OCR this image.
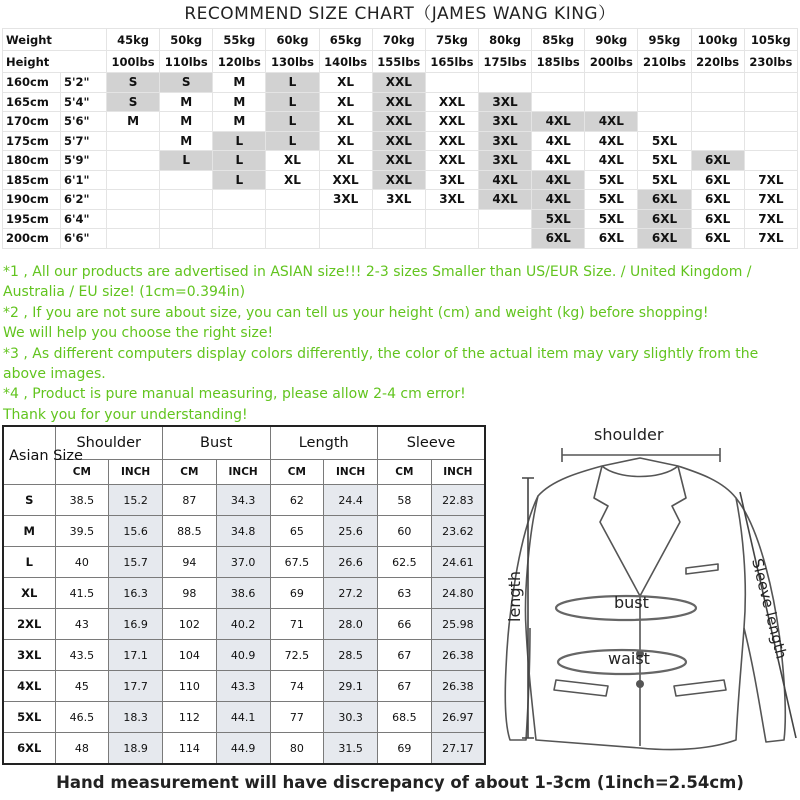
RECOMMEND SIZE CHART（JAMES WANG KING）
Weight		45kg	50kg	55kg	60kg	65kg	70kg	75kg	80kg	85kg	90kg	95kg	100kg	105kg
Height		100lbs	110lbs	120lbs	130lbs	140lbs	155lbs	165lbs	175lbs	185lbs	200lbs	210lbs	220lbs	230lbs
160cm	5'2"	S	S	M	L	XL	XXL							
165cm	5'4"	S	M	M	L	XL	XXL	XXL	3XL					
170cm	5'6"	M	M	M	L	XL	XXL	XXL	3XL	4XL	4XL			
175cm	5'7"		M	L	L	XL	XXL	XXL	3XL	4XL	4XL	5XL		
180cm	5'9"		L	L	XL	XL	XXL	XXL	3XL	4XL	4XL	5XL	6XL	
185cm	6'1"			L	XL	XXL	XXL	3XL	4XL	4XL	5XL	5XL	6XL	7XL
190cm	6'2"					3XL	3XL	3XL	4XL	4XL	5XL	6XL	6XL	7XL
195cm	6'4"									5XL	5XL	6XL	6XL	7XL
200cm	6'6"									6XL	6XL	6XL	6XL	7XL

*1 , All our products are advertised in ASIAN size!!! 2-3 sizes Smaller than US/EUR Size. / United Kingdom / Australia / EU size! (1cm=0.394in)

*2 , If you are not sure about size, you can tell us your height (cm) and weight (kg) before shopping!

We will help you choose the right size!

*3 , As different computers display colors differently, the color of the actual item may vary slightly from the above images.

*4 , Product is pure manual measuring, please allow 2-4 cm error!

Thank you for your understanding!

Asian Size	Shoulder		Bust		Length		Sleeve	
	CM	INCH	CM	INCH	CM	INCH	CM	INCH
S	38.5	15.2	87	34.3	62	24.4	58	22.83
M	39.5	15.6	88.5	34.8	65	25.6	60	23.62
L	40	15.7	94	37.0	67.5	26.6	62.5	24.61
XL	41.5	16.3	98	38.6	69	27.2	63	24.80
2XL	43	16.9	102	40.2	71	28.0	66	25.98
3XL	43.5	17.1	104	40.9	72.5	28.5	67	26.38
4XL	45	17.7	110	43.3	74	29.1	67	26.38
5XL	46.5	18.3	112	44.1	77	30.3	68.5	26.97
6XL	48	18.9	114	44.9	80	31.5	69	27.17
shoulder
length	bust
waist	Sleeve length
Hand measurement will have discrepancy of about 1-3cm (1inch=2.54cm)
